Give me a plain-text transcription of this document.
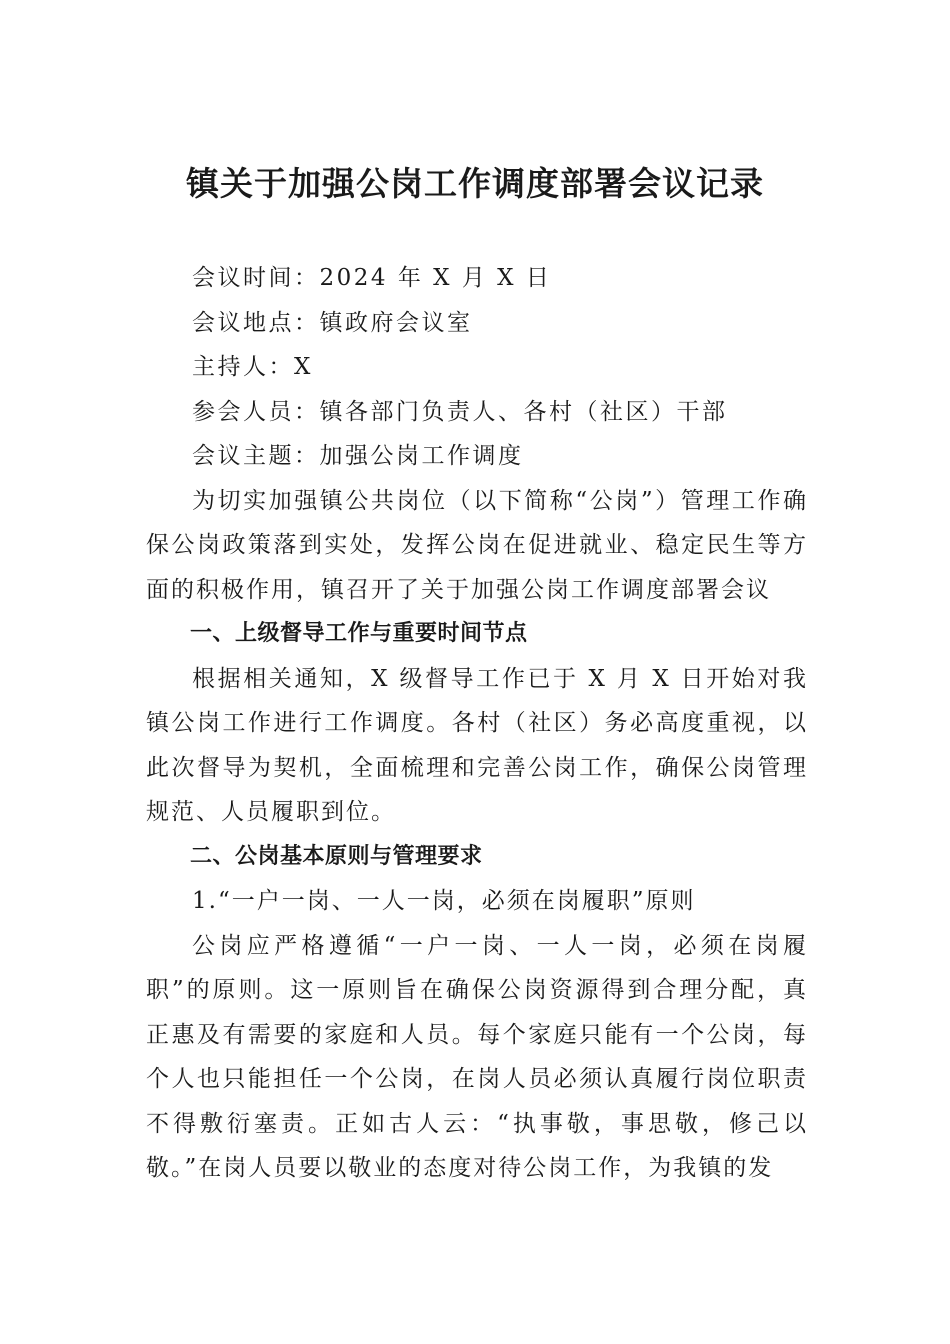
镇关于加强公岗工作调度部署会议记录

会议时间：2024 年 X 月 X 日

会议地点：镇政府会议室

主持人：X

参会人员：镇各部门负责人、各村（社区）干部

会议主题：加强公岗工作调度

为切实加强镇公共岗位（以下简称“公岗”）管理工作确保公岗政策落到实处，发挥公岗在促进就业、稳定民生等方面的积极作用，镇召开了关于加强公岗工作调度部署会议

一、上级督导工作与重要时间节点

根据相关通知，X 级督导工作已于 X 月 X 日开始对我镇公岗工作进行工作调度。各村（社区）务必高度重视，以此次督导为契机，全面梳理和完善公岗工作，确保公岗管理规范、人员履职到位。

二、公岗基本原则与管理要求

1.“一户一岗、一人一岗，必须在岗履职”原则

公岗应严格遵循“一户一岗、一人一岗，必须在岗履职”的原则。这一原则旨在确保公岗资源得到合理分配，真正惠及有需要的家庭和人员。每个家庭只能有一个公岗，每个人也只能担任一个公岗，在岗人员必须认真履行岗位职责不得敷衍塞责。正如古人云：“执事敬，事思敬，修己以敬。”在岗人员要以敬业的态度对待公岗工作，为我镇的发
